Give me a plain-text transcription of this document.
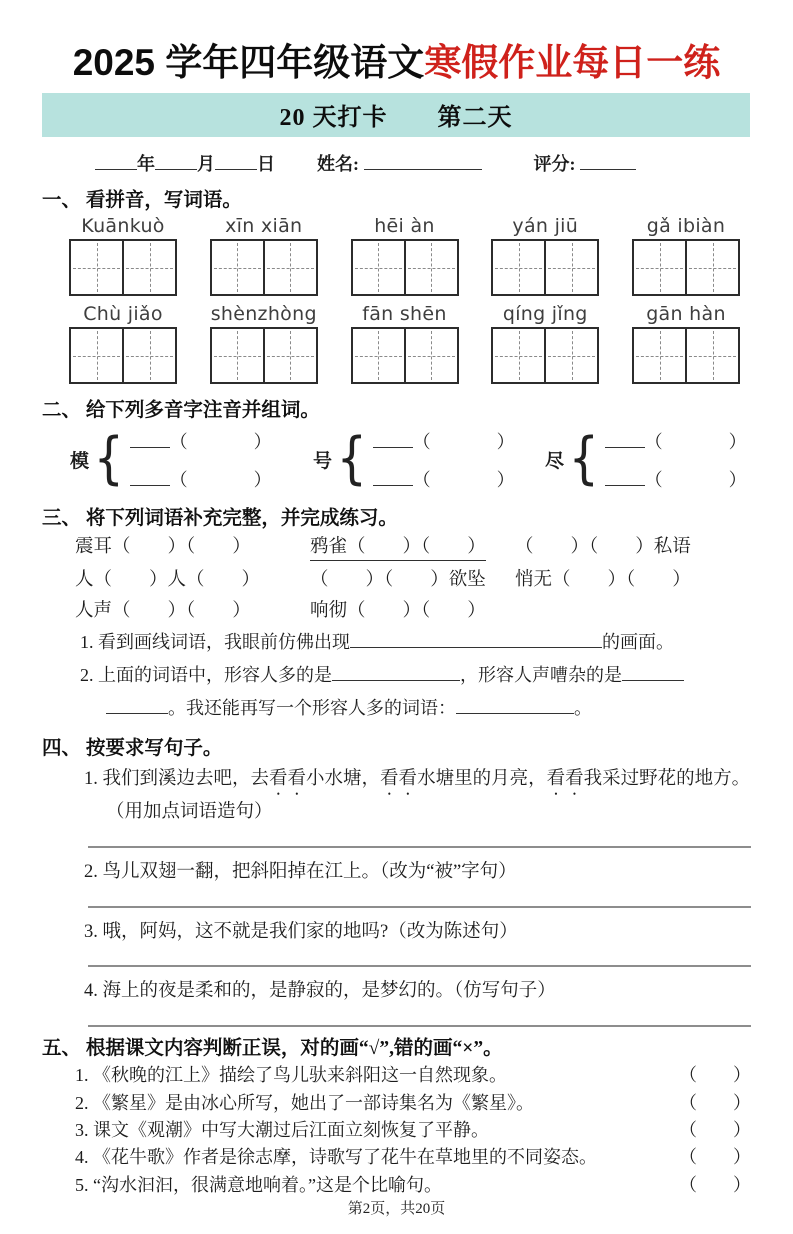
2025 学年四年级语文寒假作业每日一练
20 天打卡　　第二天
年 月 日 姓名:	评分:
一、 看拼音，写词语。
Kuānkuò	xīn xiān	hēi àn	yán jiū	gǎ ibiàn
Chù jiǎo	shènzhòng	fān shēn	qíng jǐng	gān hàn
二、 给下列多音字注音并组词。
模 {	（	）
（	）
号 {	（	）
（	）
尽 {	（	）
（	）
三、 将下列词语补充完整，并完成练习。
震耳（　　）（　　）	鸦雀（　　）（　　）	（　　）（　　）私语
人（　　）人（　　）	（　　）（　　）欲坠	悄无（　　）（　　）
人声（　　）（　　）	响彻（　　）（　　）
1. 看到画线词语，我眼前仿佛出现	的画面。
2. 上面的词语中，形容人多的是	，形容人声嘈杂的是
。我还能再写一个形容人多的词语：	。
四、 按要求写句子。
1. 我们到溪边去吧，去看看小水塘，看看水塘里的月亮，看看我采过野花的地方。（用加点词语造句）
2. 鸟儿双翅一翻，把斜阳掉在江上。（改为“被”字句）
3. 哦，阿妈，这不就是我们家的地吗?（改为陈述句）
4. 海上的夜是柔和的，是静寂的，是梦幻的。（仿写句子）
五、 根据课文内容判断正误，对的画“√”,错的画“×”。
1. 《秋晚的江上》描绘了鸟儿驮来斜阳这一自然现象。	（　　）
2. 《繁星》是由冰心所写，她出了一部诗集名为《繁星》。	（　　）
3. 课文《观潮》中写大潮过后江面立刻恢复了平静。	（　　）
4. 《花牛歌》作者是徐志摩，诗歌写了花牛在草地里的不同姿态。	（　　）
5. “沟水汩汩，很满意地响着。”这是个比喻句。	（　　）
第2页，共20页
